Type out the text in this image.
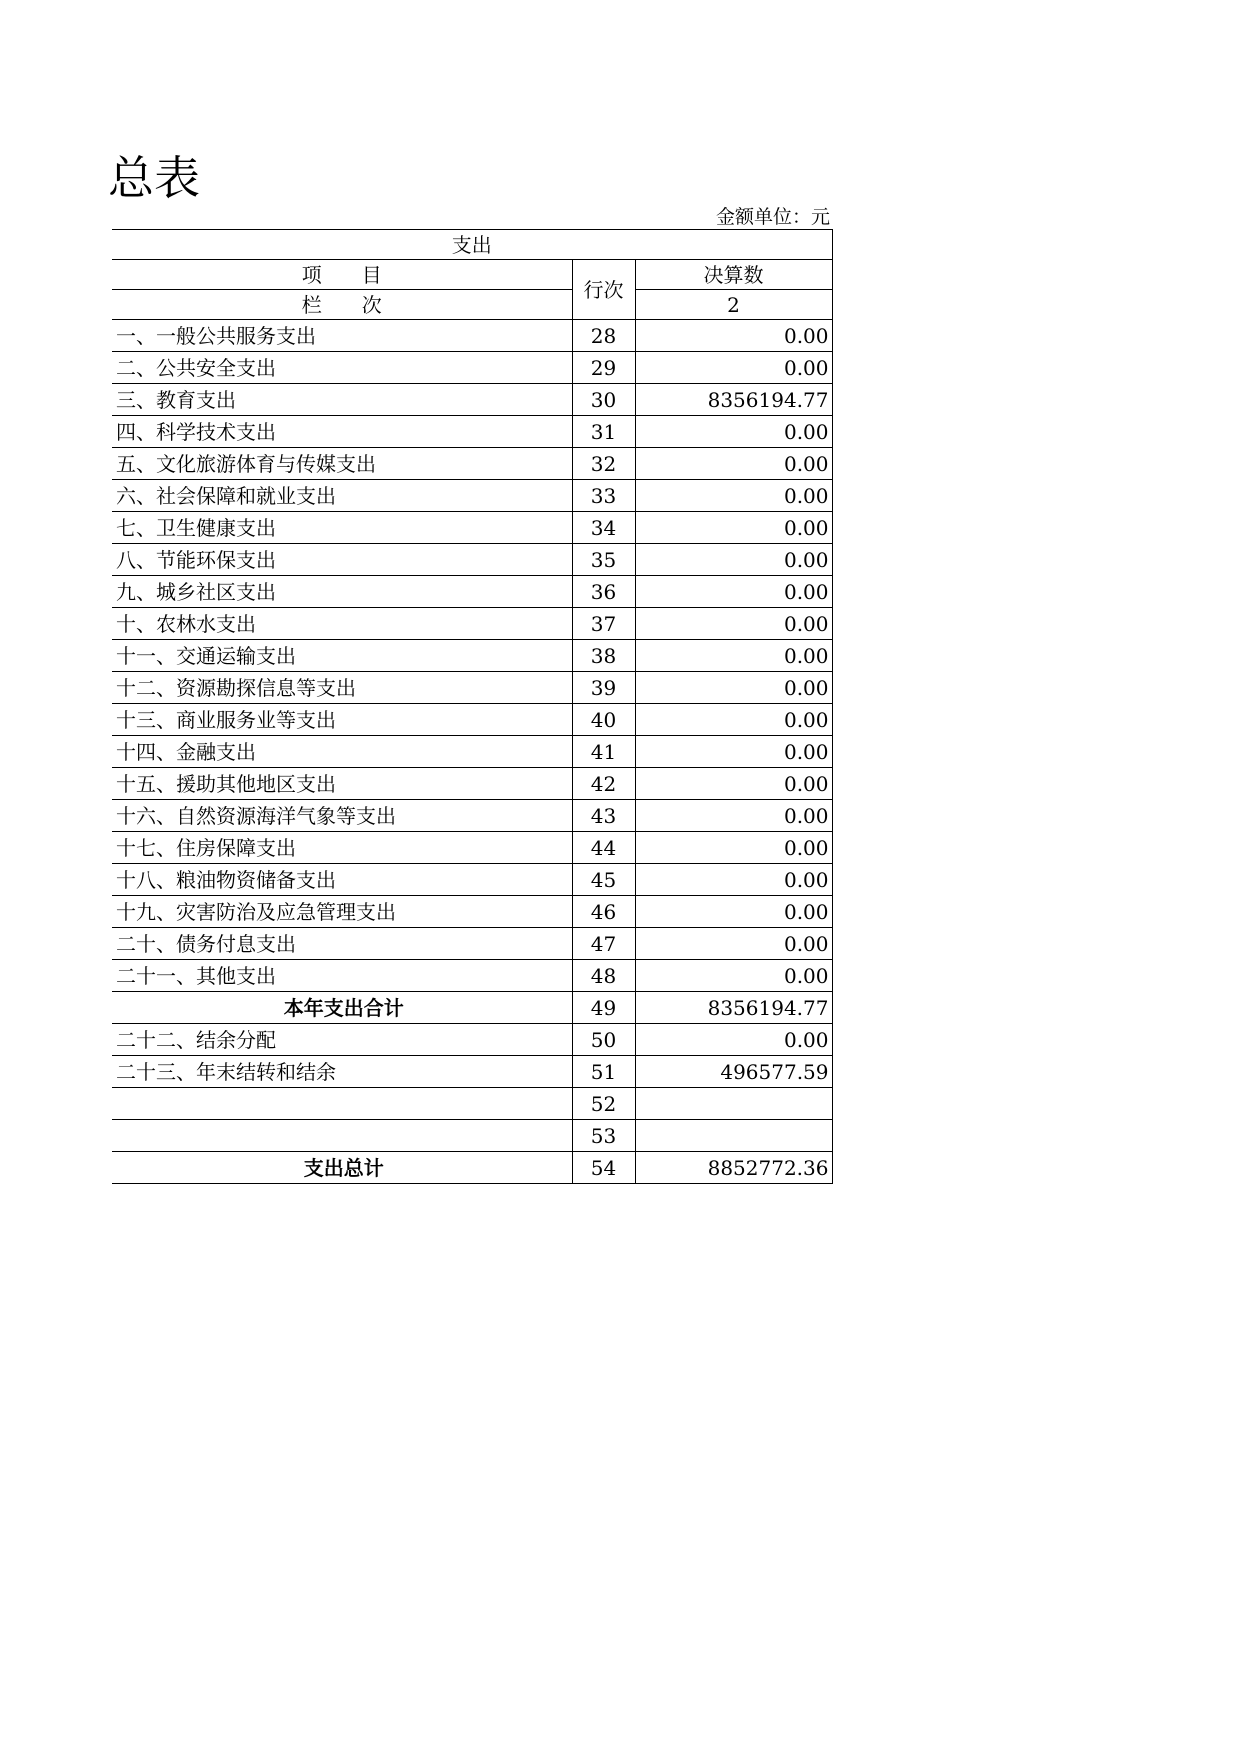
总表
金额单位：元
支出		
项　　目	行次	决算数
栏　　次		2
一、一般公共服务支出	28	0.00
二、公共安全支出	29	0.00
三、教育支出	30	8356194.77
四、科学技术支出	31	0.00
五、文化旅游体育与传媒支出	32	0.00
六、社会保障和就业支出	33	0.00
七、卫生健康支出	34	0.00
八、节能环保支出	35	0.00
九、城乡社区支出	36	0.00
十、农林水支出	37	0.00
十一、交通运输支出	38	0.00
十二、资源勘探信息等支出	39	0.00
十三、商业服务业等支出	40	0.00
十四、金融支出	41	0.00
十五、援助其他地区支出	42	0.00
十六、自然资源海洋气象等支出	43	0.00
十七、住房保障支出	44	0.00
十八、粮油物资储备支出	45	0.00
十九、灾害防治及应急管理支出	46	0.00
二十、债务付息支出	47	0.00
二十一、其他支出	48	0.00
本年支出合计	49	8356194.77
二十二、结余分配	50	0.00
二十三、年末结转和结余	51	496577.59
	52	
	53	
支出总计	54	8852772.36
